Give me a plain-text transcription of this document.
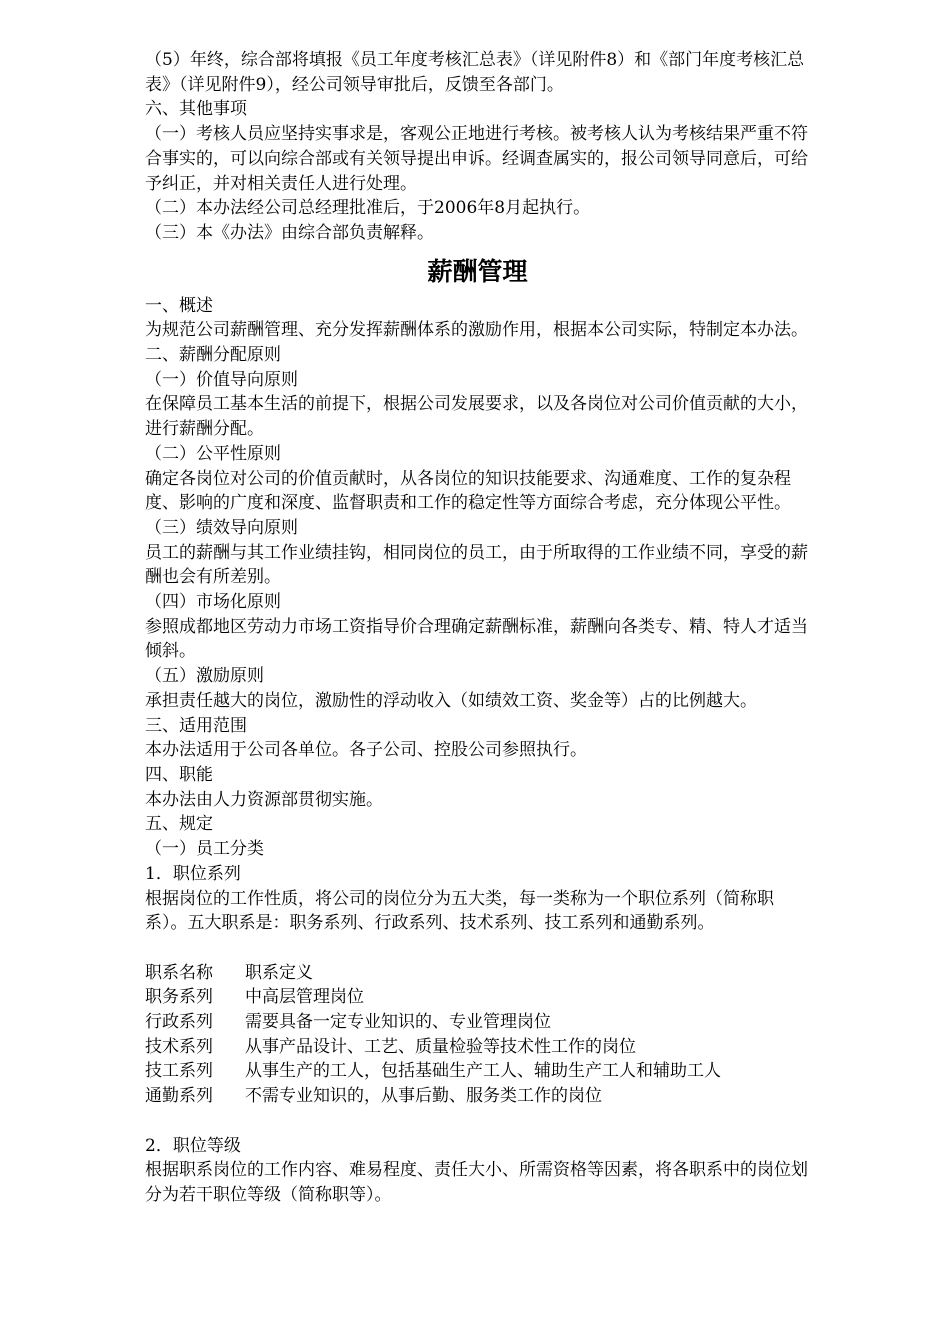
（5）年终，综合部将填报《员工年度考核汇总表》（详见附件8）和《部门年度考核汇总表》（详见附件9），经公司领导审批后，反馈至各部门。

六、其他事项

（一）考核人员应坚持实事求是，客观公正地进行考核。被考核人认为考核结果严重不符合事实的，可以向综合部或有关领导提出申诉。经调查属实的，报公司领导同意后，可给予纠正，并对相关责任人进行处理。

（二）本办法经公司总经理批准后，于2006年8月起执行。

（三）本《办法》由综合部负责解释。

薪酬管理

一、概述

为规范公司薪酬管理、充分发挥薪酬体系的激励作用，根据本公司实际，特制定本办法。

二、薪酬分配原则

（一）价值导向原则

在保障员工基本生活的前提下，根据公司发展要求，以及各岗位对公司价值贡献的大小，进行薪酬分配。

（二）公平性原则

确定各岗位对公司的价值贡献时，从各岗位的知识技能要求、沟通难度、工作的复杂程度、影响的广度和深度、监督职责和工作的稳定性等方面综合考虑，充分体现公平性。

（三）绩效导向原则

员工的薪酬与其工作业绩挂钩，相同岗位的员工，由于所取得的工作业绩不同，享受的薪酬也会有所差别。

（四）市场化原则

参照成都地区劳动力市场工资指导价合理确定薪酬标准，薪酬向各类专、精、特人才适当倾斜。

（五）激励原则

承担责任越大的岗位，激励性的浮动收入（如绩效工资、奖金等）占的比例越大。

三、适用范围

本办法适用于公司各单位。各子公司、控股公司参照执行。

四、职能

本办法由人力资源部贯彻实施。

五、规定

（一）员工分类

1．职位系列

根据岗位的工作性质，将公司的岗位分为五大类，每一类称为一个职位系列（简称职系）。五大职系是：职务系列、行政系列、技术系列、技工系列和通勤系列。

职系名称	职系定义
职务系列	中高层管理岗位
行政系列	需要具备一定专业知识的、专业管理岗位
技术系列	从事产品设计、工艺、质量检验等技术性工作的岗位
技工系列	从事生产的工人，包括基础生产工人、辅助生产工人和辅助工人
通勤系列	不需专业知识的，从事后勤、服务类工作的岗位

2．职位等级

根据职系岗位的工作内容、难易程度、责任大小、所需资格等因素，将各职系中的岗位划分为若干职位等级（简称职等）。
